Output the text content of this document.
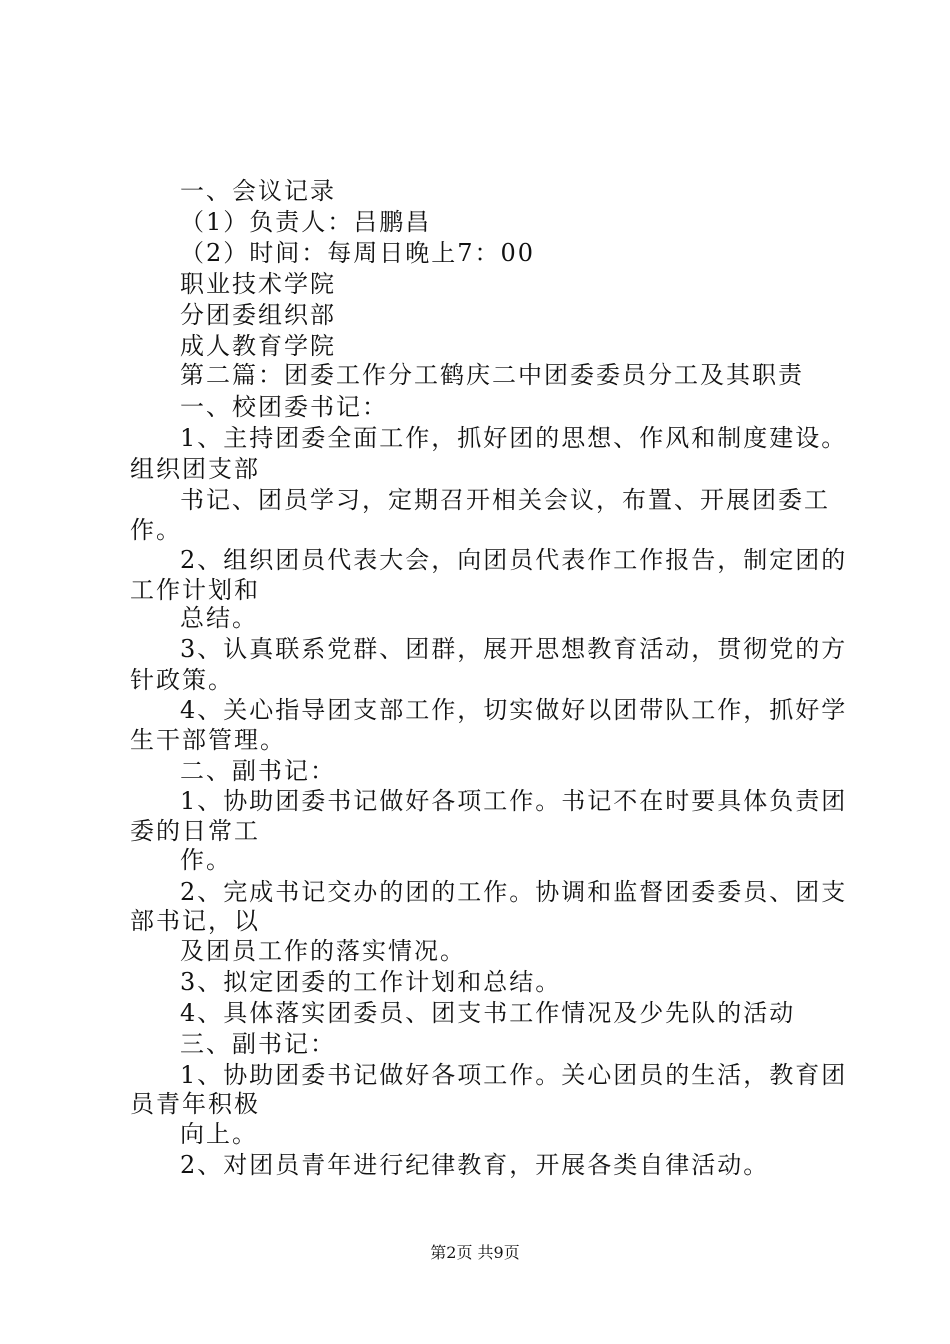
一、会议记录
（1）负责人：吕鹏昌
（2）时间：每周日晚上7：00
职业技术学院
分团委组织部
成人教育学院
第二篇：团委工作分工鹤庆二中团委委员分工及其职责
一、校团委书记：
1、主持团委全面工作，抓好团的思想、作风和制度建设。
组织团支部
书记、团员学习，定期召开相关会议，布置、开展团委工
作。
2、组织团员代表大会，向团员代表作工作报告，制定团的
工作计划和
总结。
3、认真联系党群、团群，展开思想教育活动，贯彻党的方
针政策。
4、关心指导团支部工作，切实做好以团带队工作，抓好学
生干部管理。
二、副书记：
1、协助团委书记做好各项工作。书记不在时要具体负责团
委的日常工
作。
2、完成书记交办的团的工作。协调和监督团委委员、团支
部书记，以
及团员工作的落实情况。
3、拟定团委的工作计划和总结。
4、具体落实团委员、团支书工作情况及少先队的活动
三、副书记：
1、协助团委书记做好各项工作。关心团员的生活，教育团
员青年积极
向上。
2、对团员青年进行纪律教育，开展各类自律活动。
第2页 共9页
